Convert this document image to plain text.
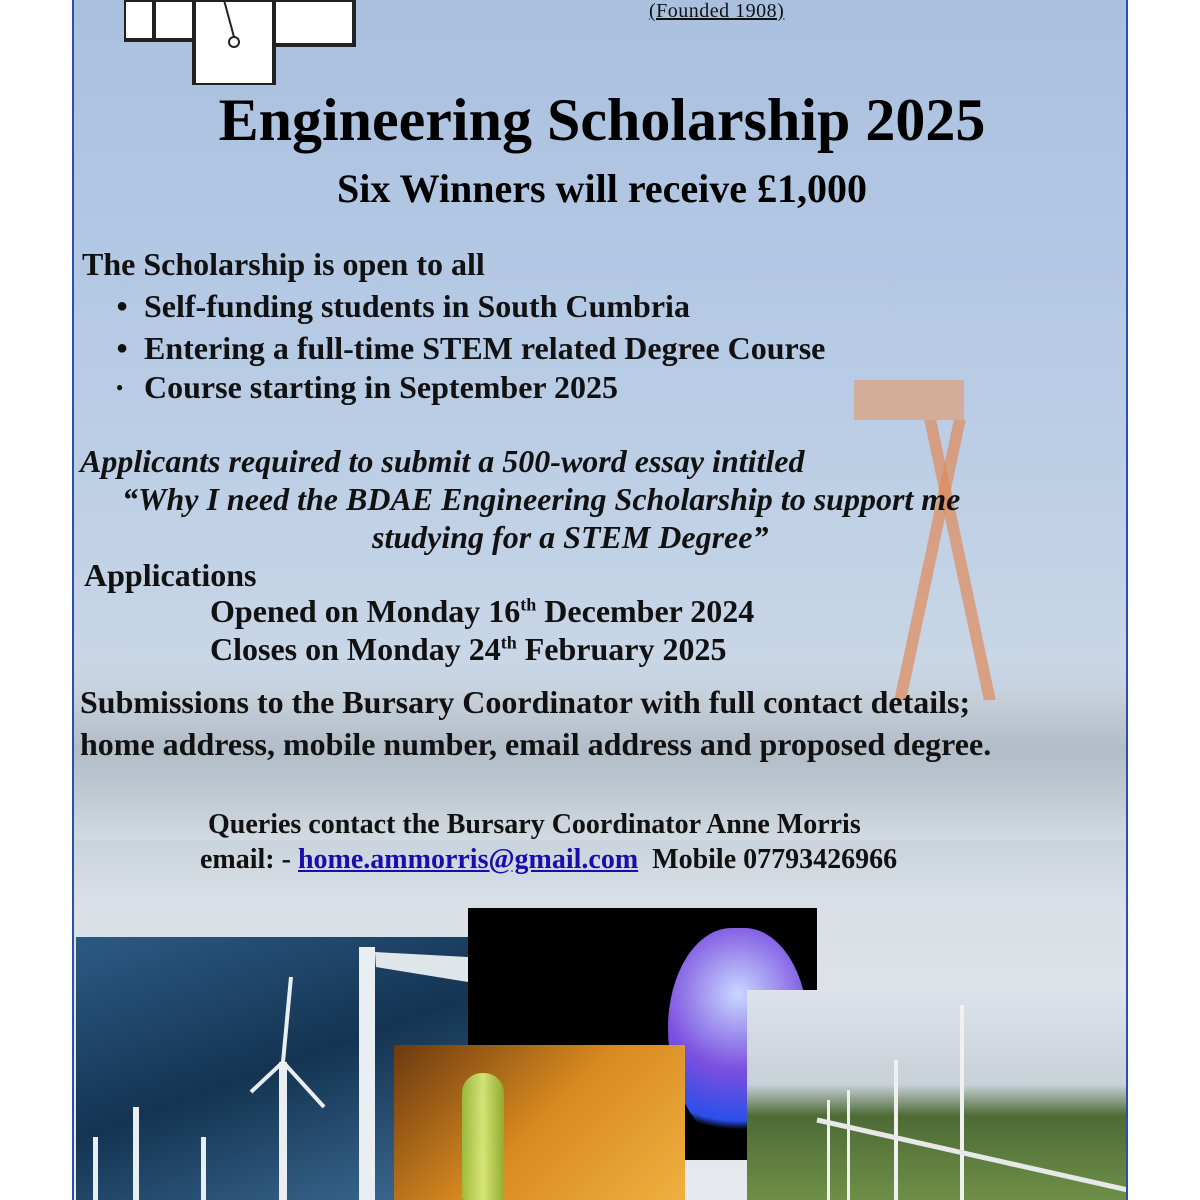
(Founded 1908)
Engineering Scholarship 2025
Six Winners will receive £1,000
The Scholarship is open to all
● Self-funding students in South Cumbria
● Entering a full-time STEM related Degree Course
● Course starting in September 2025
Applicants required to submit a 500-word essay intitled
“Why I need the BDAE Engineering Scholarship to support me
studying for a STEM Degree”
Applications
Opened on Monday 16th December 2024
Closes on Monday 24th February 2025
Submissions to the Bursary Coordinator with full contact details;
home address, mobile number, email address and proposed degree.
Queries contact the Bursary Coordinator Anne Morris
email: - home.ammorris@gmail.com Mobile 07793426966
